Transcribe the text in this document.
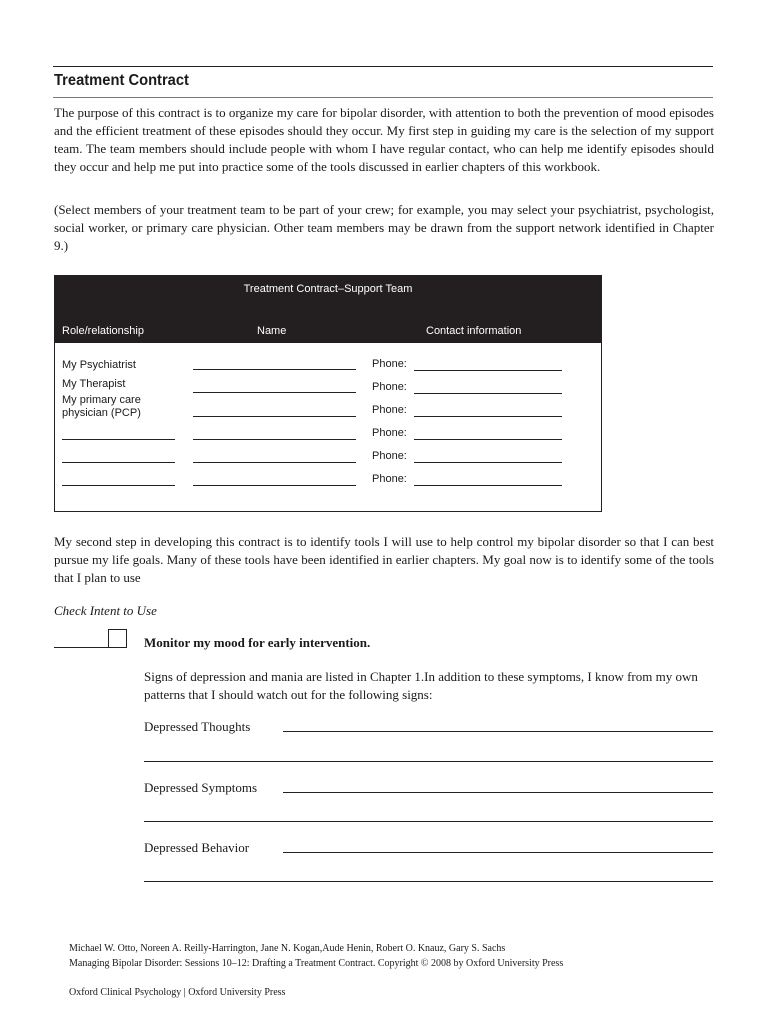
Treatment Contract

The purpose of this contract is to organize my care for bipolar disorder, with attention to both the prevention of mood episodes and the efficient treatment of these episodes should they occur. My first step in guiding my care is the selection of my support team. The team members should include people with whom I have regular contact, who can help me identify episodes should they occur and help me put into practice some of the tools discussed in earlier chapters of this workbook.

(Select members of your treatment team to be part of your crew; for example, you may select your psychiatrist, psychologist, social worker, or primary care physician. Other team members may be drawn from the support network identified in Chapter 9.)

Treatment Contract–Support Team
Role/relationship	Name	Contact information
My Psychiatrist
My Therapist
My primary care
physician (PCP)
Phone:
Phone:
Phone:
Phone:
Phone:
Phone:

My second step in developing this contract is to identify tools I will use to help control my bipolar disorder so that I can best pursue my life goals. Many of these tools have been identified in earlier chapters. My goal now is to identify some of the tools that I plan to use

Check Intent to Use
Monitor my mood for early intervention.

Signs of depression and mania are listed in Chapter 1.In addition to these symptoms, I know from my own patterns that I should watch out for the following signs:

Depressed Thoughts
Depressed Symptoms
Depressed Behavior
Michael W. Otto, Noreen A. Reilly-Harrington, Jane N. Kogan,Aude Henin, Robert O. Knauz, Gary S. Sachs
Managing Bipolar Disorder: Sessions 10–12: Drafting a Treatment Contract. Copyright © 2008 by Oxford University Press
Oxford Clinical Psychology | Oxford University Press
